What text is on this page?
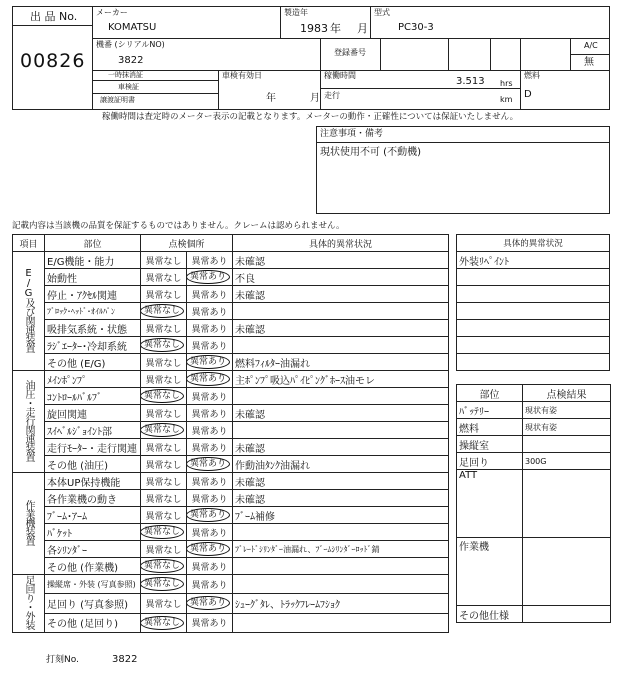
出 品 No.
00826
メーカー
KOMATSU
製造年
1983 年 月
型式
PC30-3
機番 (シリアルNO)
3822
登録番号
A/C
無
一時抹消証
車検証
譲渡証明書
車検有効日
年	月
稼働時間
3.513 hrs
走行	km
燃料
D
稼働時間は査定時のメーター表示の記載となります。メーターの動作・正確性については保証いたしません。
注意事項・備考
現状使用不可 (不動機)
記載内容は当該機の品質を保証するものではありません。クレームは認められません。
項目	部位	点検個所		具体的異常状況
E/G及び関連装置	E/G機能・能力	異常なし	異常あり	未確認
	始動性	異常なし	異常あり	不良
	停止・ｱｸｾﾙ関連	異常なし	異常あり	未確認
	ﾌﾞﾛｯｸ･ﾍｯﾄﾞ･ｵｲﾙﾊﾟﾝ	異常なし	異常あり	
	吸排気系統・状態	異常なし	異常あり	未確認
	ﾗｼﾞｴｰﾀｰ･冷却系統	異常なし	異常あり	
	その他 (E/G)	異常なし	異常あり	燃料ﾌｨﾙﾀｰ油漏れ
油圧・走行関連装置	ﾒｲﾝﾎﾟﾝﾌﾟ	異常なし	異常あり	主ﾎﾟﾝﾌﾟ吸込ﾊﾟｲﾋﾟﾝｸﾞﾎｰｽ油モレ
	ｺﾝﾄﾛｰﾙﾊﾞﾙﾌﾞ	異常なし	異常あり	
	旋回関連	異常なし	異常あり	未確認
	ｽｲﾍﾞﾙｼﾞｮｲﾝﾄ部	異常なし	異常あり	
	走行ﾓｰﾀｰ・走行関連	異常なし	異常あり	未確認
	その他 (油圧)	異常なし	異常あり	作動油ﾀﾝｸ油漏れ
作業機装置	本体UP保持機能	異常なし	異常あり	未確認
	各作業機の動き	異常なし	異常あり	未確認
	ﾌﾞｰﾑ･ｱｰﾑ	異常なし	異常あり	ﾌﾞｰﾑ補修
	ﾊﾞｹｯﾄ	異常なし	異常あり	
	各ｼﾘﾝﾀﾞｰ	異常なし	異常あり	ﾌﾞﾚｰﾄﾞｼﾘﾝﾀﾞｰ油漏れ、ﾌﾞｰﾑｼﾘﾝﾀﾞｰﾛｯﾄﾞ錆
	その他 (作業機)	異常なし	異常あり	
足回り・外装	操縦席・外装 (写真参照)	異常なし	異常あり	
	足回り (写真参照)	異常なし	異常あり	ｼｭｰｸﾞﾀﾚ、ﾄﾗｯｸﾌﾚｰﾑﾌｼｮｸ
	その他 (足回り)	異常なし	異常あり	
具体的異常状況
外装ﾘﾍﾟｲﾝﾄ

部位	点検結果
ﾊﾞｯﾃﾘｰ	現状有姿
燃料	現状有姿
操縦室	
足回り	300G
ATT	
作業機	
その他仕様	
打刻No.	3822
